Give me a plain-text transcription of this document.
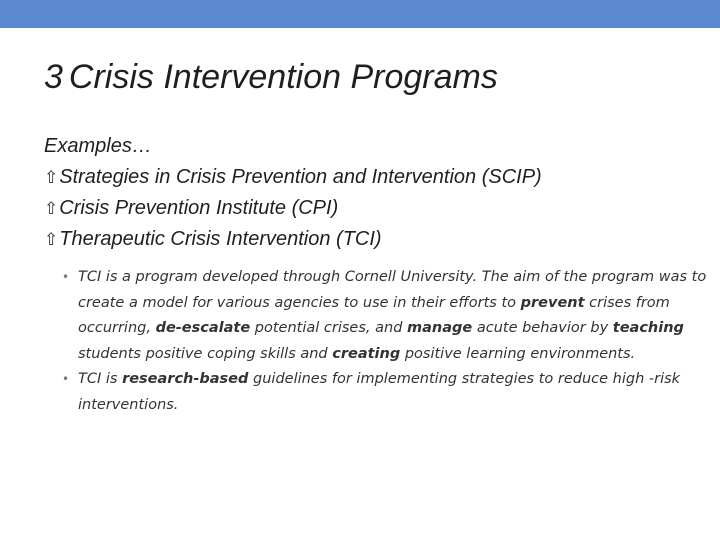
3 Crisis Intervention Programs
Examples…
⇧Strategies in Crisis Prevention and Intervention (SCIP)
⇧Crisis Prevention Institute (CPI)
⇧Therapeutic Crisis Intervention (TCI)
• TCI is a program developed through Cornell University. The aim of the program was to create a model for various agencies to use in their efforts to prevent crises from occurring, de-escalate potential crises, and manage acute behavior by teaching students positive coping skills and creating positive learning environments.
• TCI is research-based guidelines for implementing strategies to reduce high -risk interventions.
